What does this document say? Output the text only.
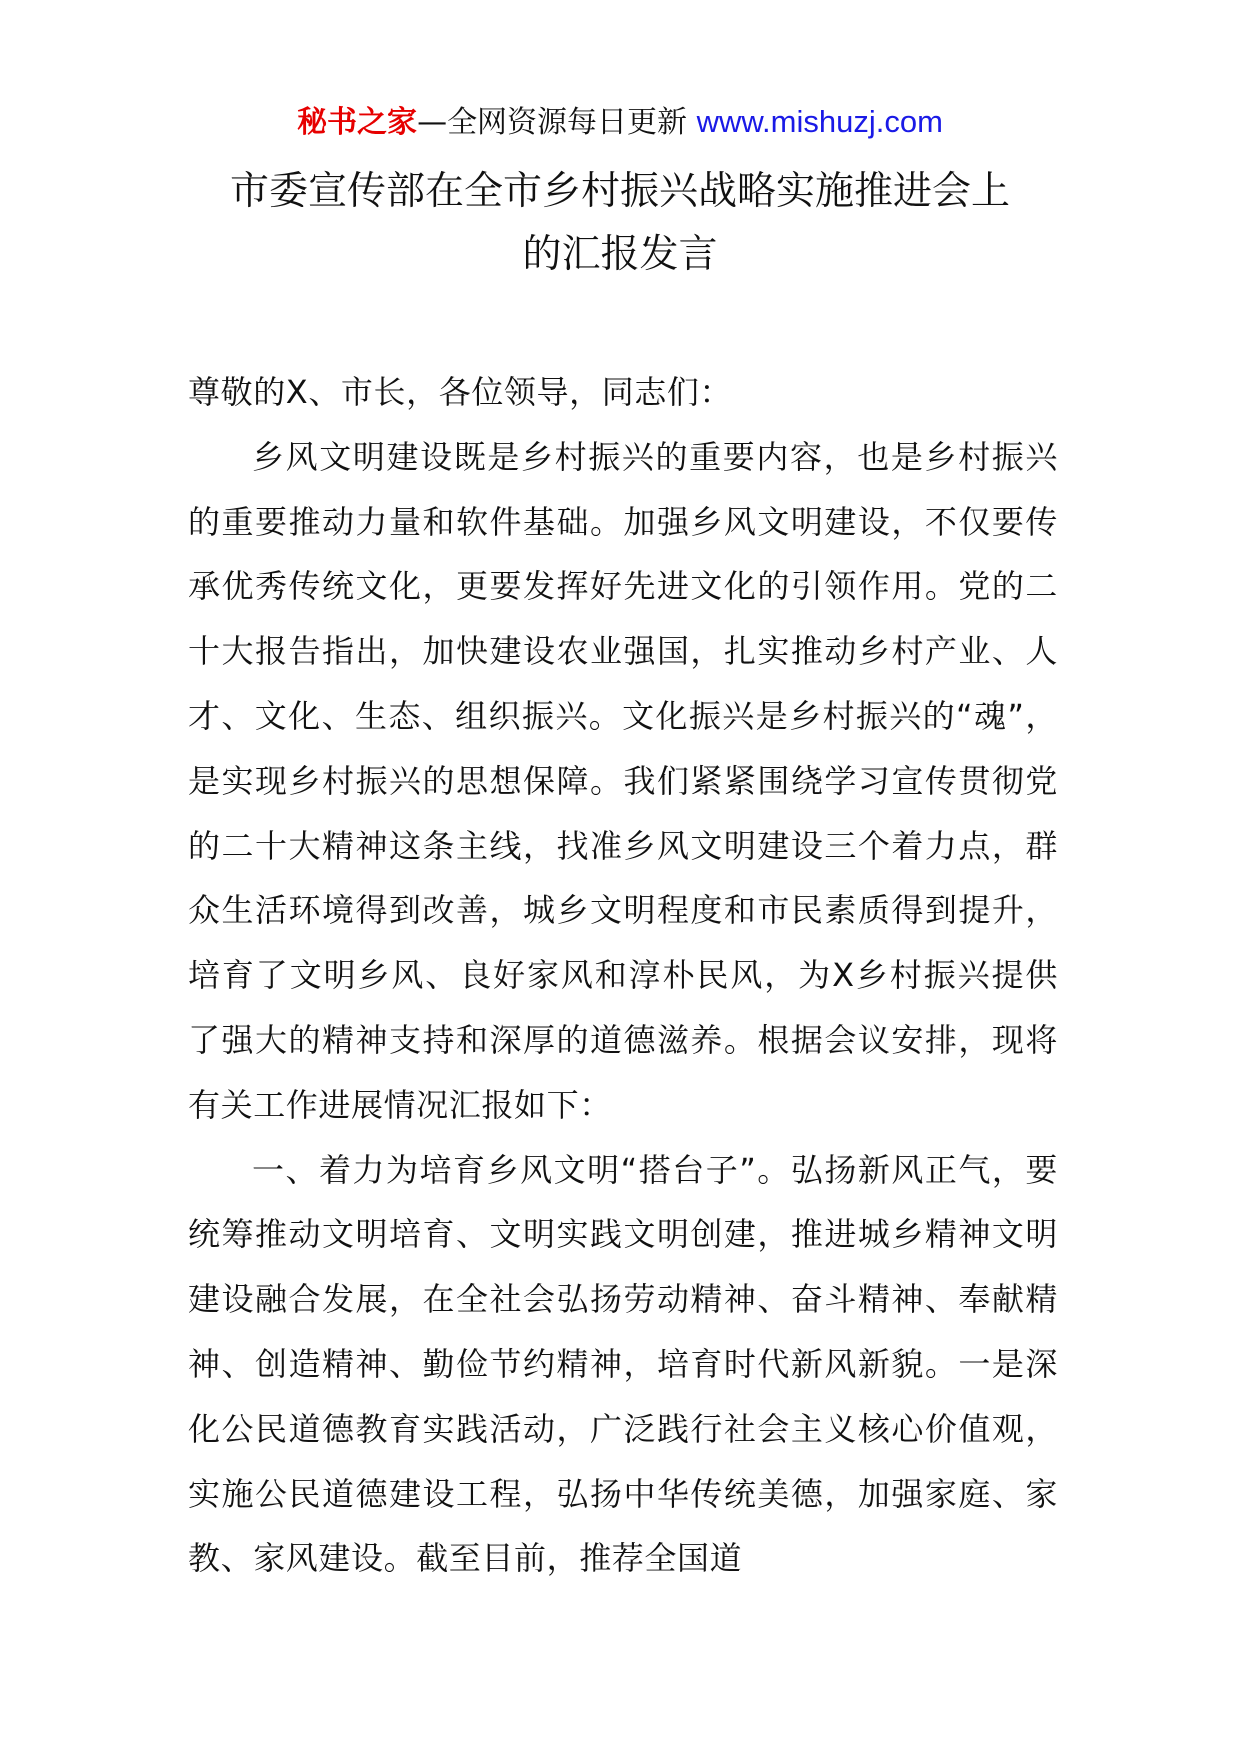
秘书之家—全网资源每日更新 www.mishuzj.com
市委宣传部在全市乡村振兴战略实施推进会上
的汇报发言

尊敬的X、市长，各位领导，同志们：

乡风文明建设既是乡村振兴的重要内容，也是乡村振兴的重要推动力量和软件基础。加强乡风文明建设，不仅要传承优秀传统文化，更要发挥好先进文化的引领作用。党的二十大报告指出，加快建设农业强国，扎实推动乡村产业、人才、文化、生态、组织振兴。文化振兴是乡村振兴的“魂”，是实现乡村振兴的思想保障。我们紧紧围绕学习宣传贯彻党的二十大精神这条主线，找准乡风文明建设三个着力点，群众生活环境得到改善，城乡文明程度和市民素质得到提升，培育了文明乡风、良好家风和淳朴民风，为X乡村振兴提供了强大的精神支持和深厚的道德滋养。根据会议安排，现将有关工作进展情况汇报如下：

一、着力为培育乡风文明“搭台子”。弘扬新风正气，要统筹推动文明培育、文明实践文明创建，推进城乡精神文明建设融合发展，在全社会弘扬劳动精神、奋斗精神、奉献精神、创造精神、勤俭节约精神，培育时代新风新貌。一是深化公民道德教育实践活动，广泛践行社会主义核心价值观，实施公民道德建设工程，弘扬中华传统美德，加强家庭、家教、家风建设。截至目前，推荐全国道
